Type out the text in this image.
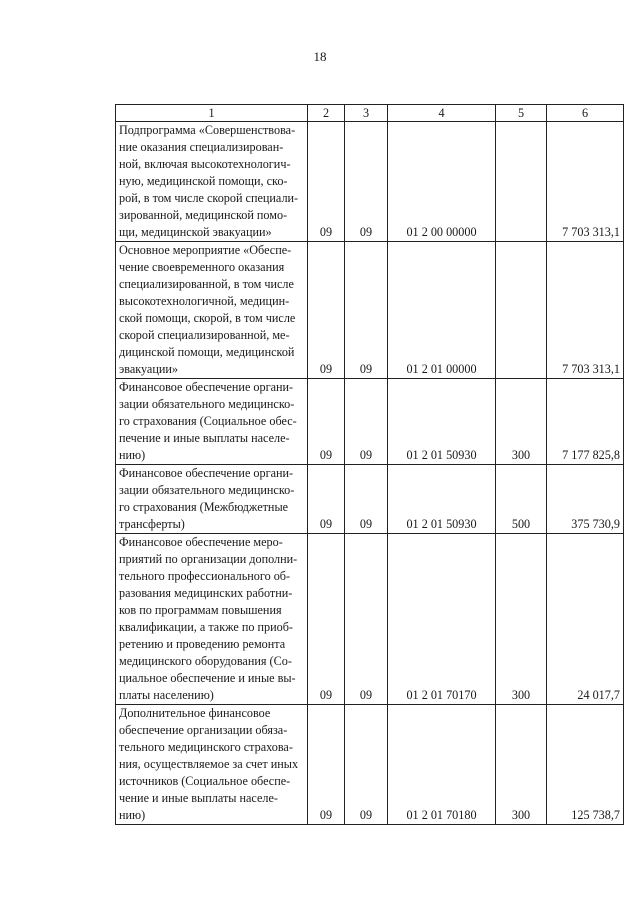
18
1	2	3	4	5	6
Подпрограмма «Совершенствова-ние оказания специализирован-ной, включая высокотехнологич-ную, медицинской помощи, ско-рой, в том числе скорой специали-зированной, медицинской помо-щи, медицинской эвакуации»	09	09	01 2 00 00000		7 703 313,1
Основное мероприятие «Обеспе-чение своевременного оказания специализированной, в том числе высокотехнологичной, медицин-ской помощи, скорой, в том числе скорой специализированной, ме-дицинской помощи, медицинской эвакуации»	09	09	01 2 01 00000		7 703 313,1
Финансовое обеспечение органи-зации обязательного медицинско-го страхования (Социальное обес-печение и иные выплаты населе-нию)	09	09	01 2 01 50930	300	7 177 825,8
Финансовое обеспечение органи-зации обязательного медицинско-го страхования (Межбюджетные трансферты)	09	09	01 2 01 50930	500	375 730,9
Финансовое обеспечение меро-приятий по организации дополни-тельного профессионального об-разования медицинских работни-ков по программам повышения квалификации, а также по приоб-ретению и проведению ремонта медицинского оборудования (Со-циальное обеспечение и иные вы-платы населению)	09	09	01 2 01 70170	300	24 017,7
Дополнительное финансовое обеспечение организации обяза-тельного медицинского страхова-ния, осуществляемое за счет иных источников (Социальное обеспе-чение и иные выплаты населе-нию)	09	09	01 2 01 70180	300	125 738,7
